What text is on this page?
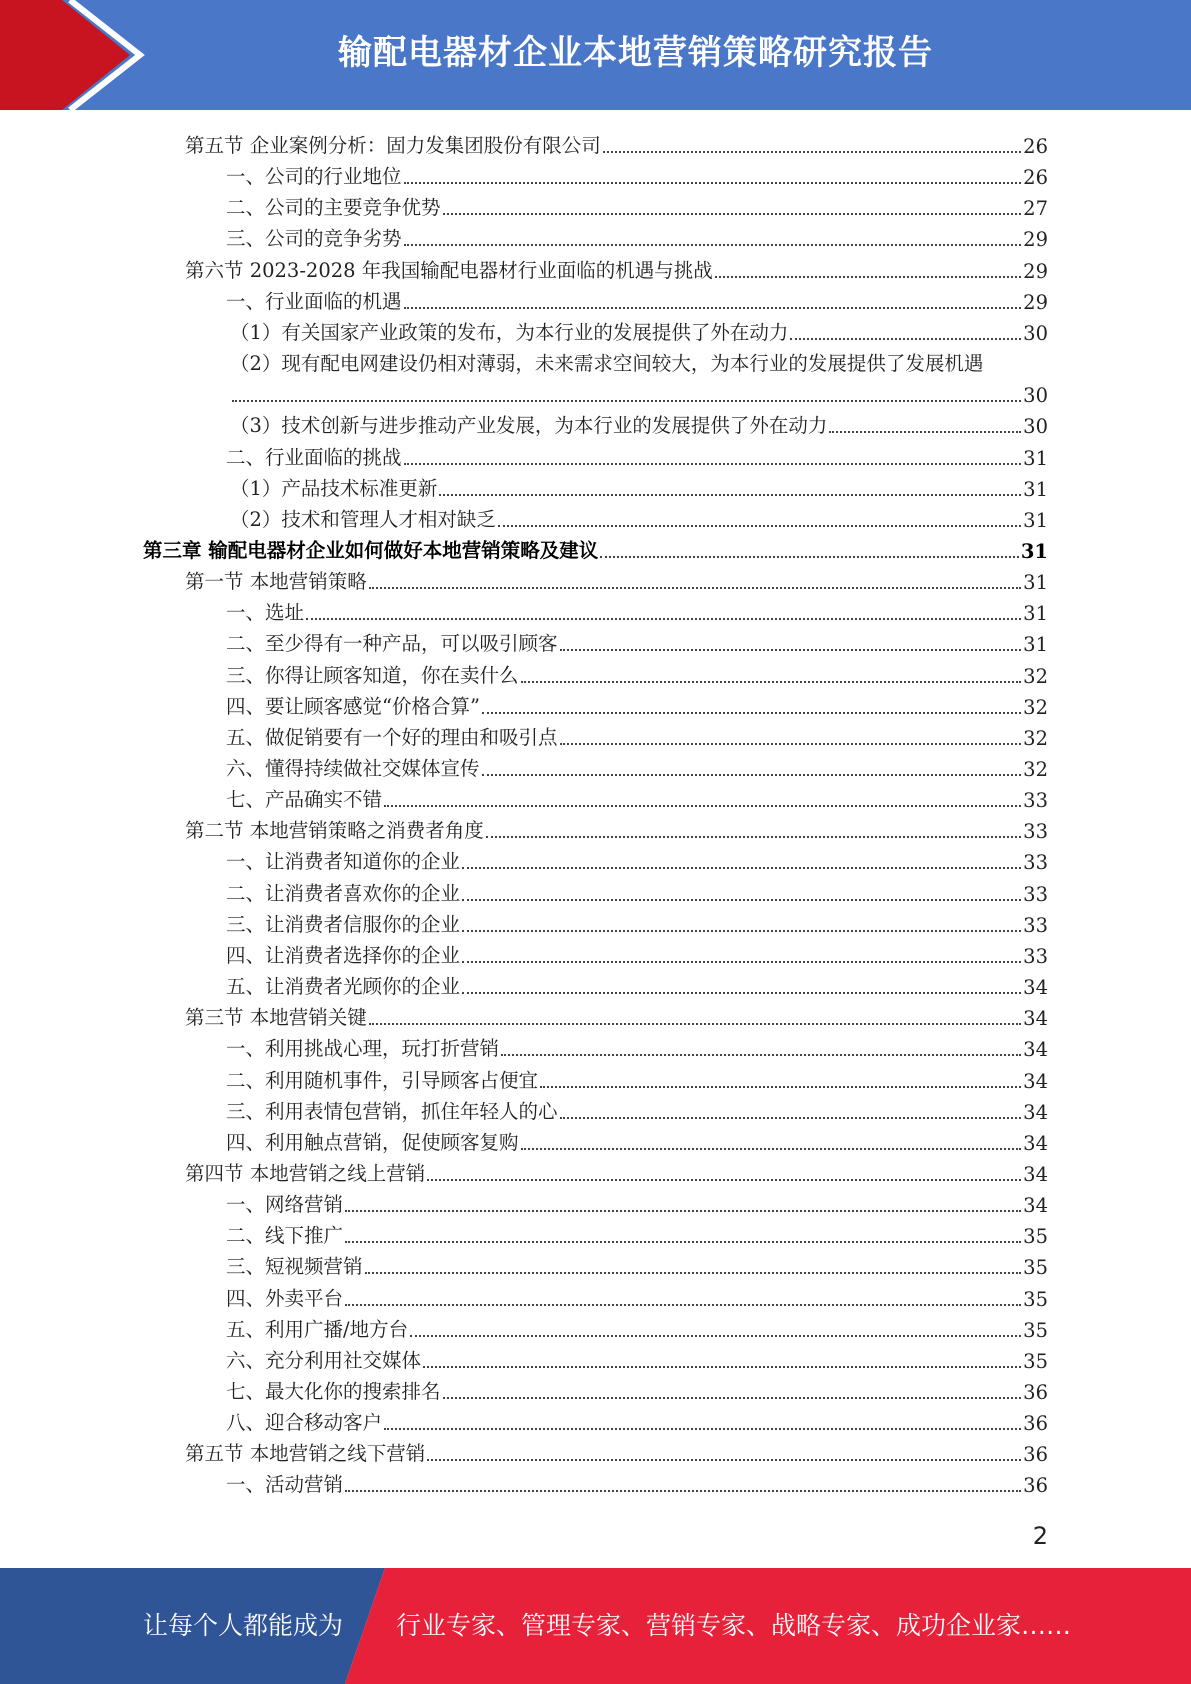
输配电器材企业本地营销策略研究报告
第五节 企业案例分析：固力发集团股份有限公司	26
一、公司的行业地位	26
二、公司的主要竞争优势	27
三、公司的竞争劣势	29
第六节 2023-2028 年我国输配电器材行业面临的机遇与挑战	29
一、行业面临的机遇	29
（1）有关国家产业政策的发布，为本行业的发展提供了外在动力	30
（2）现有配电网建设仍相对薄弱，未来需求空间较大，为本行业的发展提供了发展机遇
30
（3）技术创新与进步推动产业发展，为本行业的发展提供了外在动力	30
二、行业面临的挑战	31
（1）产品技术标准更新	31
（2）技术和管理人才相对缺乏	31
第三章 输配电器材企业如何做好本地营销策略及建议	31
第一节 本地营销策略	31
一、选址	31
二、至少得有一种产品，可以吸引顾客	31
三、你得让顾客知道，你在卖什么	32
四、要让顾客感觉“价格合算”	32
五、做促销要有一个好的理由和吸引点	32
六、懂得持续做社交媒体宣传	32
七、产品确实不错	33
第二节 本地营销策略之消费者角度	33
一、让消费者知道你的企业	33
二、让消费者喜欢你的企业	33
三、让消费者信服你的企业	33
四、让消费者选择你的企业	33
五、让消费者光顾你的企业	34
第三节 本地营销关键	34
一、利用挑战心理，玩打折营销	34
二、利用随机事件，引导顾客占便宜	34
三、利用表情包营销，抓住年轻人的心	34
四、利用触点营销，促使顾客复购	34
第四节 本地营销之线上营销	34
一、网络营销	34
二、线下推广	35
三、短视频营销	35
四、外卖平台	35
五、利用广播/地方台	35
六、充分利用社交媒体	35
七、最大化你的搜索排名	36
八、迎合移动客户	36
第五节 本地营销之线下营销	36
一、活动营销	36
2
让每个人都能成为 行业专家、管理专家、营销专家、战略专家、成功企业家……
